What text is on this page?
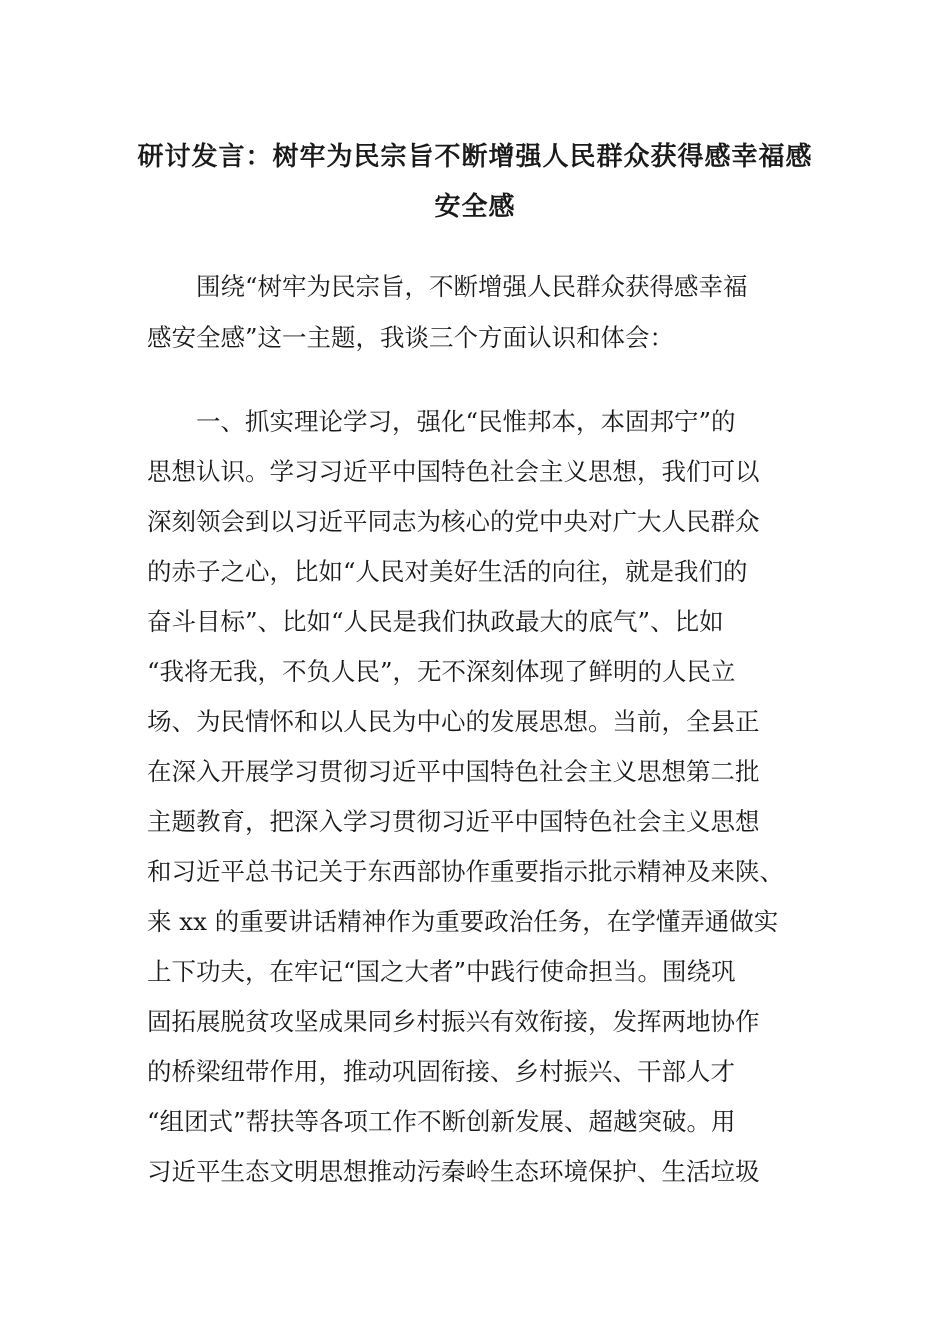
研讨发言：树牢为民宗旨不断增强人民群众获得感幸福感
安全感
　　围绕“树牢为民宗旨，不断增强人民群众获得感幸福
感安全感”这一主题，我谈三个方面认识和体会：
　　一、抓实理论学习，强化“民惟邦本，本固邦宁”的
思想认识。学习习近平中国特色社会主义思想，我们可以
深刻领会到以习近平同志为核心的党中央对广大人民群众
的赤子之心，比如“人民对美好生活的向往，就是我们的
奋斗目标”、比如“人民是我们执政最大的底气”、比如
“我将无我，不负人民”，无不深刻体现了鲜明的人民立
场、为民情怀和以人民为中心的发展思想。当前，全县正
在深入开展学习贯彻习近平中国特色社会主义思想第二批
主题教育，把深入学习贯彻习近平中国特色社会主义思想
和习近平总书记关于东西部协作重要指示批示精神及来陕、
来 xx 的重要讲话精神作为重要政治任务，在学懂弄通做实
上下功夫，在牢记“国之大者”中践行使命担当。围绕巩
固拓展脱贫攻坚成果同乡村振兴有效衔接，发挥两地协作
的桥梁纽带作用，推动巩固衔接、乡村振兴、干部人才
“组团式”帮扶等各项工作不断创新发展、超越突破。用
习近平生态文明思想推动污秦岭生态环境保护、生活垃圾
